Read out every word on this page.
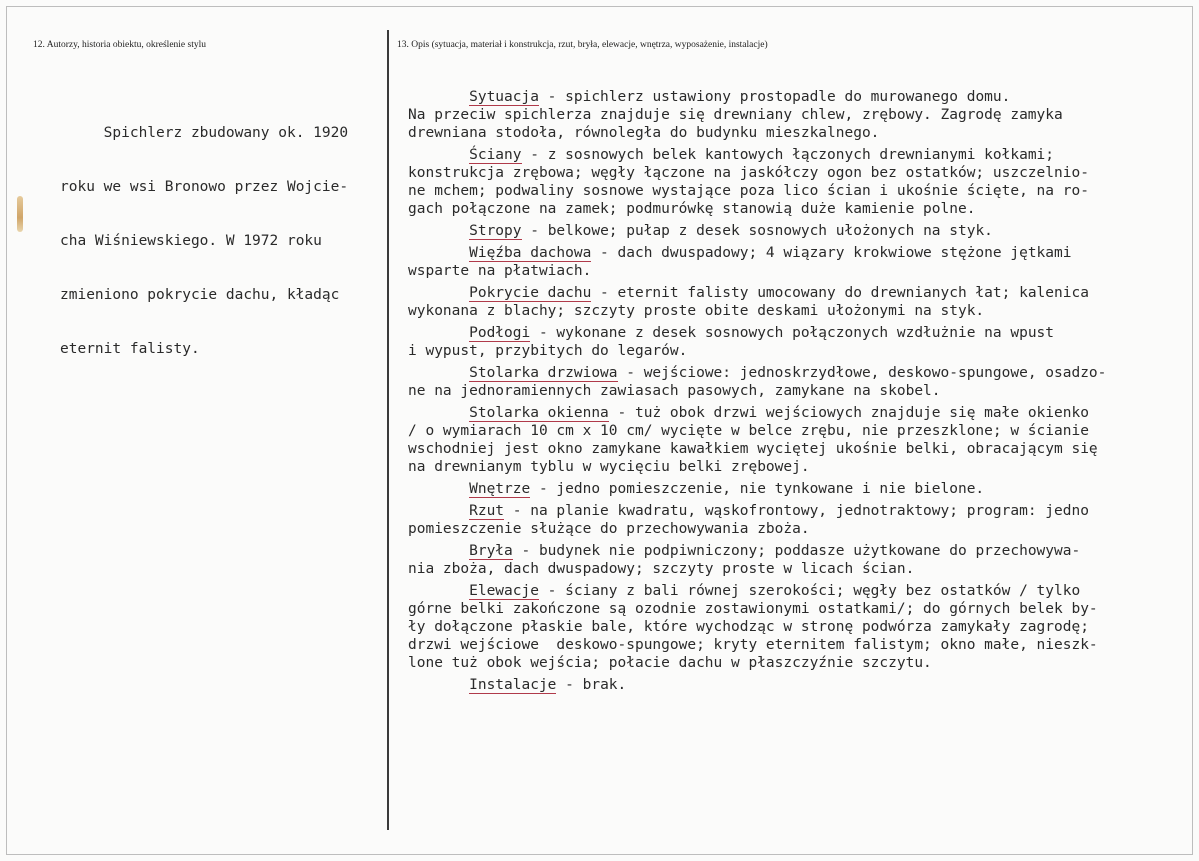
12. Autorzy, historia obiektu, określenie stylu	13. Opis (sytuacja, materiał i konstrukcja, rzut, bryła, elewacje, wnętrza, wyposażenie, instalacje)

Spichlerz zbudowany ok. 1920

roku we wsi Bronowo przez Wojcie-

cha Wiśniewskiego. W 1972 roku

zmieniono pokrycie dachu, kładąc

eternit falisty.

Sytuacja - spichlerz ustawiony prostopadle do murowanego domu.
Na przeciw spichlerza znajduje się drewniany chlew, zrębowy. Zagrodę zamyka
drewniana stodoła, równoległa do budynku mieszkalnego.
Ściany - z sosnowych belek kantowych łączonych drewnianymi kołkami;
konstrukcja zrębowa; węgły łączone na jaskółczy ogon bez ostatków; uszczelnio-
ne mchem; podwaliny sosnowe wystające poza lico ścian i ukośnie ścięte, na ro-
gach połączone na zamek; podmurówkę stanowią duże kamienie polne.
Stropy - belkowe; pułap z desek sosnowych ułożonych na styk.
Więźba dachowa - dach dwuspadowy; 4 wiązary krokwiowe stężone jętkami
wsparte na płatwiach.
Pokrycie dachu - eternit falisty umocowany do drewnianych łat; kalenica
wykonana z blachy; szczyty proste obite deskami ułożonymi na styk.
Podłogi - wykonane z desek sosnowych połączonych wzdłużnie na wpust
i wypust, przybitych do legarów.
Stolarka drzwiowa - wejściowe: jednoskrzydłowe, deskowo-spungowe, osadzo-
ne na jednoramiennych zawiasach pasowych, zamykane na skobel.
Stolarka okienna - tuż obok drzwi wejściowych znajduje się małe okienko
/ o wymiarach 10 cm x 10 cm/ wycięte w belce zrębu, nie przeszklone; w ścianie
wschodniej jest okno zamykane kawałkiem wyciętej ukośnie belki, obracającym się
na drewnianym tyblu w wycięciu belki zrębowej.
Wnętrze - jedno pomieszczenie, nie tynkowane i nie bielone.
Rzut - na planie kwadratu, wąskofrontowy, jednotraktowy; program: jedno
pomieszczenie służące do przechowywania zboża.
Bryła - budynek nie podpiwniczony; poddasze użytkowane do przechowywa-
nia zboża, dach dwuspadowy; szczyty proste w licach ścian.
Elewacje - ściany z bali równej szerokości; węgły bez ostatków / tylko
górne belki zakończone są ozodnie zostawionymi ostatkami/; do górnych belek by-
ły dołączone płaskie bale, które wychodząc w stronę podwórza zamykały zagrodę;
drzwi wejściowe  deskowo-spungowe; kryty eternitem falistym; okno małe, nieszk-
lone tuż obok wejścia; połacie dachu w płaszczyźnie szczytu.
Instalacje - brak.
